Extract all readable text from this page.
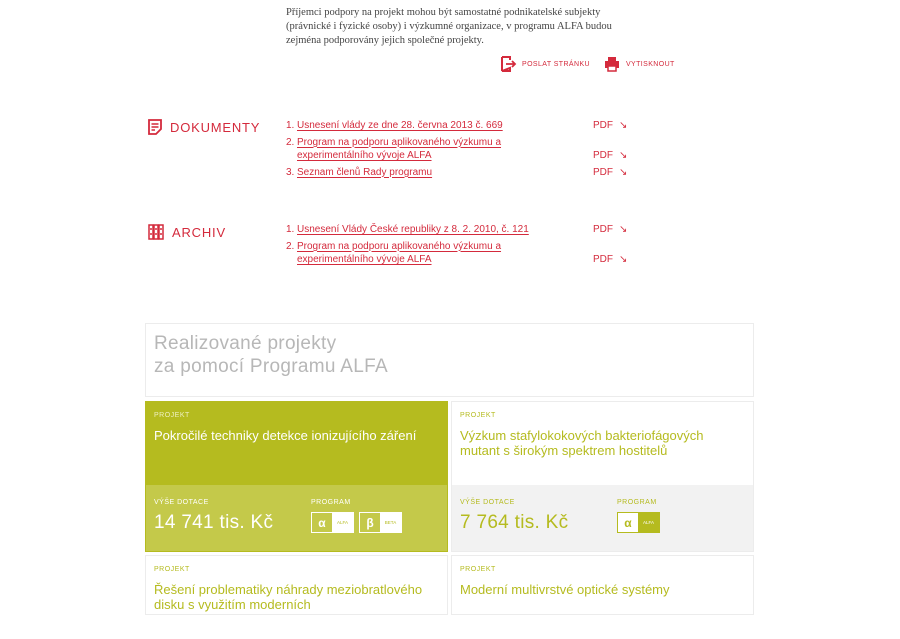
Příjemci podpory na projekt mohou být samostatné podnikatelské subjekty (právnické i fyzické osoby) i výzkumné organizace, v programu ALFA budou zejména podporovány jejich společné projekty.
POSLAT STRÁNKU	VYTISKNOUT
DOKUMENTY	1. Usnesení vlády ze dne 28. června 2013 č. 669	PDF ↘
2. Program na podporu aplikovaného výzkumu a experimentálního vývoje ALFA	PDF ↘
3. Seznam členů Rady programu	PDF ↘
ARCHIV	1. Usnesení Vlády České republiky z 8. 2. 2010, č. 121	PDF ↘
2. Program na podporu aplikovaného výzkumu a experimentálního vývoje ALFA	PDF ↘
Realizované projekty
za pomocí Programu ALFA
PROJEKT
Pokročilé techniky detekce ionizujícího záření
VÝŠE DOTACE
14 741 tis. Kč
PROGRAM
α	ALFA	β	BETA
PROJEKT
Výzkum stafylokokových bakteriofágových mutant s širokým spektrem hostitelů
VÝŠE DOTACE
7 764 tis. Kč
PROGRAM
α	ALFA
PROJEKT
Řešení problematiky náhrady meziobratlového disku s využitím moderních
PROJEKT
Moderní multivrstvé optické systémy
